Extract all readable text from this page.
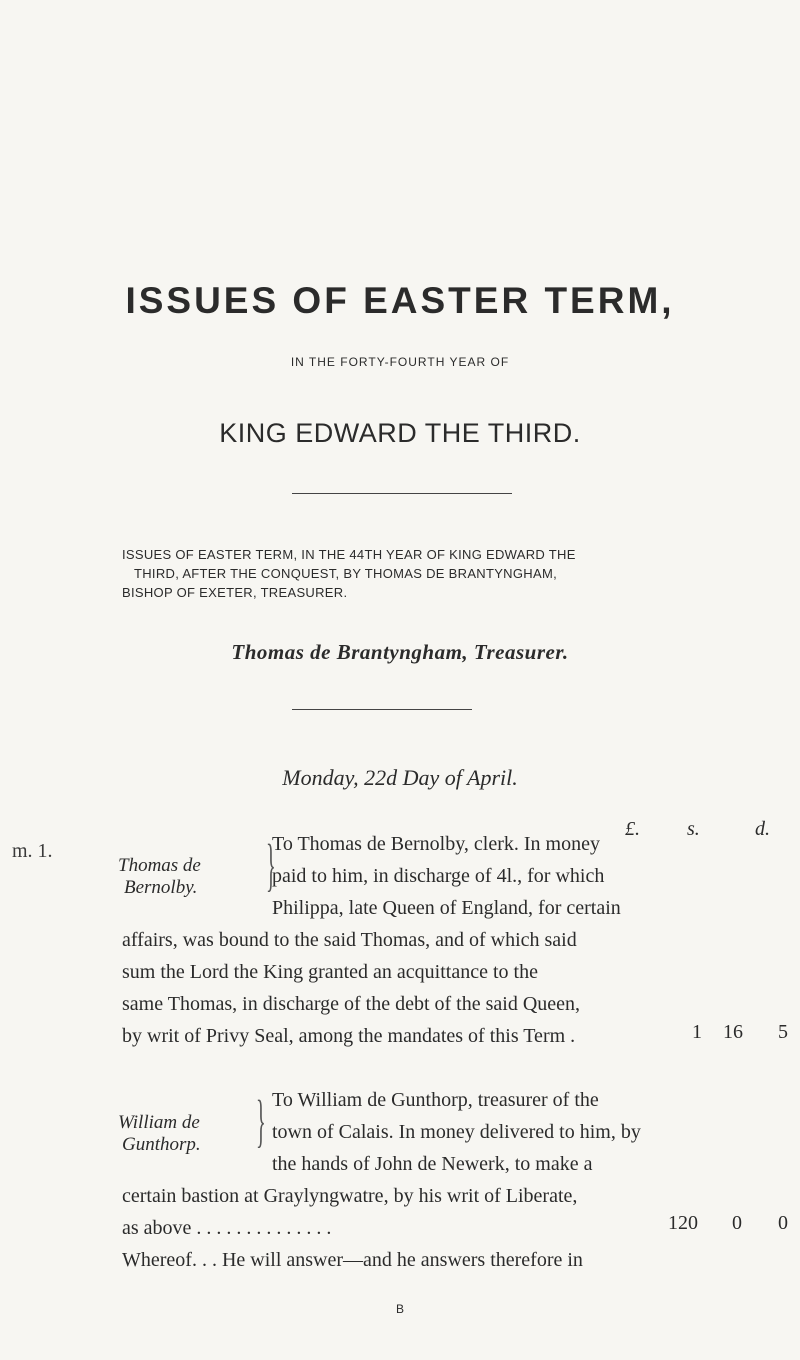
ISSUES OF EASTER TERM,
IN THE FORTY-FOURTH YEAR OF
KING EDWARD THE THIRD.
ISSUES OF EASTER TERM, IN THE 44TH YEAR OF KING EDWARD THE

THIRD, AFTER THE CONQUEST, BY THOMAS DE BRANTYNGHAM,
BISHOP OF EXETER, TREASURER.
Thomas de Brantyngham, Treasurer.
Monday, 22d Day of April.
£. s.	d.
m. 1.
Thomas de
Bernolby. }
To Thomas de Bernolby, clerk. In money
paid to him, in discharge of 4l., for which
Philippa, late Queen of England, for certain
affairs, was bound to the said Thomas, and of which said
sum the Lord the King granted an acquittance to the
same Thomas, in discharge of the debt of the said Queen,
by writ of Privy Seal, among the mandates of this Term .	1 16 5
William de
Gunthorp. } To William de Gunthorp, treasurer of the
town of Calais. In money delivered to him, by
the hands of John de Newerk, to make a
certain bastion at Graylyngwatre, by his writ of Liberate,
as above . . . . . . . . . . . . . .
Whereof. . . He will answer—and he answers therefore in
120 0 0
B
